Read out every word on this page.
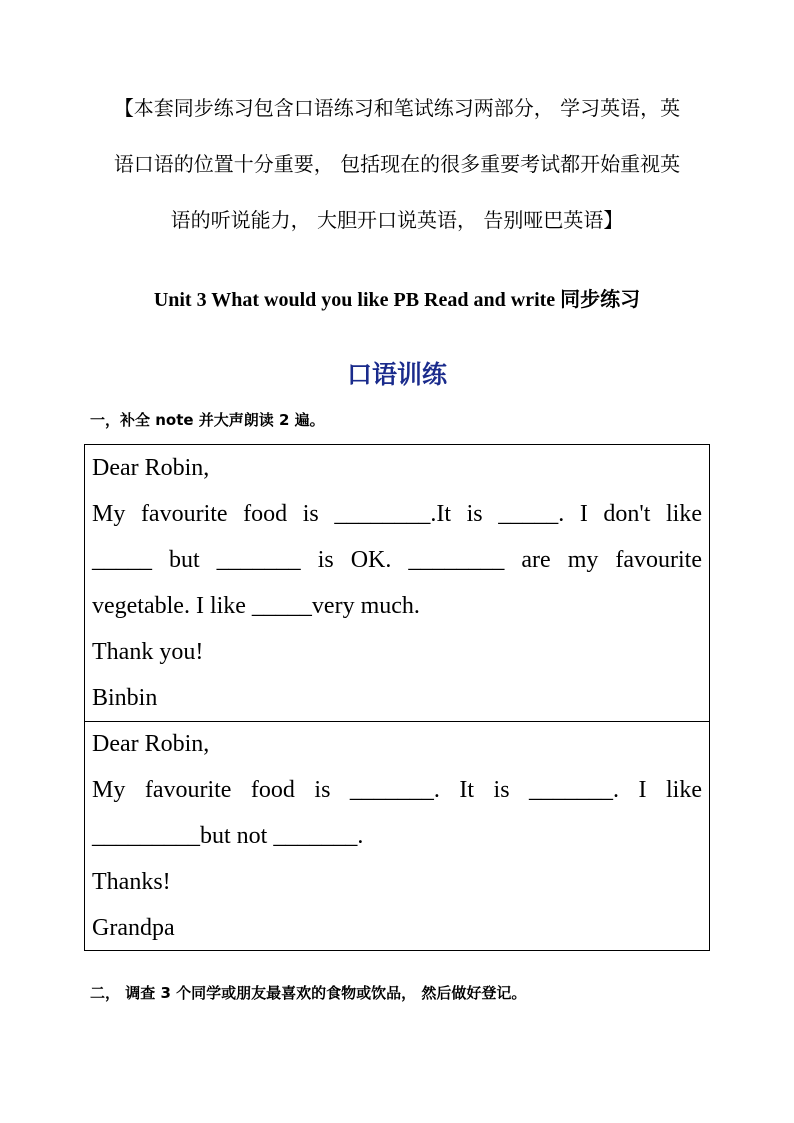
【本套同步练习包含口语练习和笔试练习两部分， 学习英语，英
语口语的位置十分重要， 包括现在的很多重要考试都开始重视英
语的听说能力， 大胆开口说英语， 告别哑巴英语】
Unit 3 What would you like PB Read and write 同步练习
口语训练
一，补全 note 并大声朗读 2 遍。
Dear Robin,
My favourite food is ________.It is _____. I don't like
_____ but _______ is OK. ________ are my favourite
vegetable. I like _____very much.
Thank you!
Binbin
Dear Robin,
My favourite food is _______. It is _______. I like
_________but not _______.
Thanks!
Grandpa
二， 调查 3 个同学或朋友最喜欢的食物或饮品， 然后做好登记。
